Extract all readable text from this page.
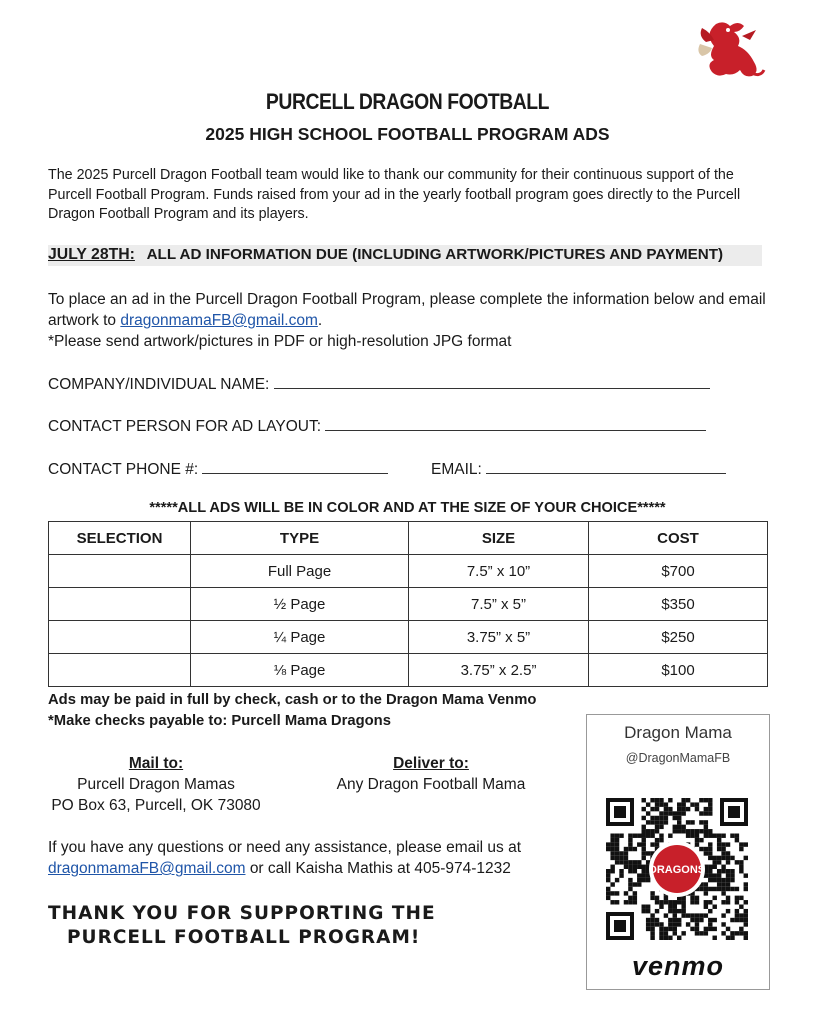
PURCELL DRAGON FOOTBALL
2025 HIGH SCHOOL FOOTBALL PROGRAM ADS
The 2025 Purcell Dragon Football team would like to thank our community for their continuous support of the Purcell Football Program. Funds raised from your ad in the yearly football program goes directly to the Purcell Dragon Football Program and its players.
JULY 28TH: ALL AD INFORMATION DUE (INCLUDING ARTWORK/PICTURES AND PAYMENT)
To place an ad in the Purcell Dragon Football Program, please complete the information below and email artwork to dragonmamaFB@gmail.com.
*Please send artwork/pictures in PDF or high-resolution JPG format
COMPANY/INDIVIDUAL NAME:
CONTACT PERSON FOR AD LAYOUT:
CONTACT PHONE #:	EMAIL:
*****ALL ADS WILL BE IN COLOR AND AT THE SIZE OF YOUR CHOICE*****
SELECTION	TYPE	SIZE	COST
	Full Page	7.5” x 10”	$700
	½ Page	7.5” x 5”	$350
	¼ Page	3.75” x 5”	$250
	⅛ Page	3.75” x 2.5”	$100
Ads may be paid in full by check, cash or to the Dragon Mama Venmo
*Make checks payable to: Purcell Mama Dragons
Mail to:
Purcell Dragon Mamas
PO Box 63, Purcell, OK 73080
Deliver to:
Any Dragon Football Mama
If you have any questions or need any assistance, please email us at
dragonmamaFB@gmail.com or call Kaisha Mathis at 405-974-1232
THANK YOU FOR SUPPORTING THE
PURCELL FOOTBALL PROGRAM!
Dragon Mama
@DragonMamaFB
DRAGONS
venmo
